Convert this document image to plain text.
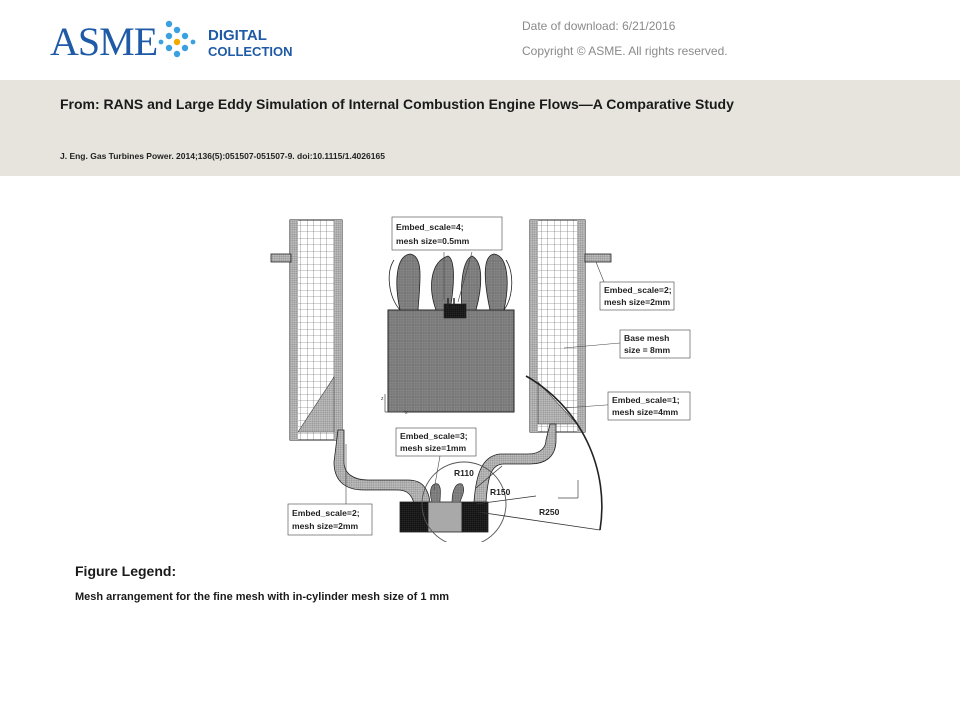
ASME	DIGITAL
COLLECTION
Date of download: 6/21/2016
Copyright © ASME. All rights reserved.
From: RANS and Large Eddy Simulation of Internal Combustion Engine Flows—A Comparative Study
J. Eng. Gas Turbines Power. 2014;136(5):051507-051507-9. doi:10.1115/1.4026165
z
x
R110
R150
R250
Embed_scale=4;
mesh size=0.5mm
Embed_scale=2;
mesh size=2mm
Base mesh
size = 8mm
Embed_scale=1;
mesh size=4mm
Embed_scale=3;
mesh size=1mm
Embed_scale=2;
mesh size=2mm
Figure Legend:
Mesh arrangement for the fine mesh with in-cylinder mesh size of 1 mm
